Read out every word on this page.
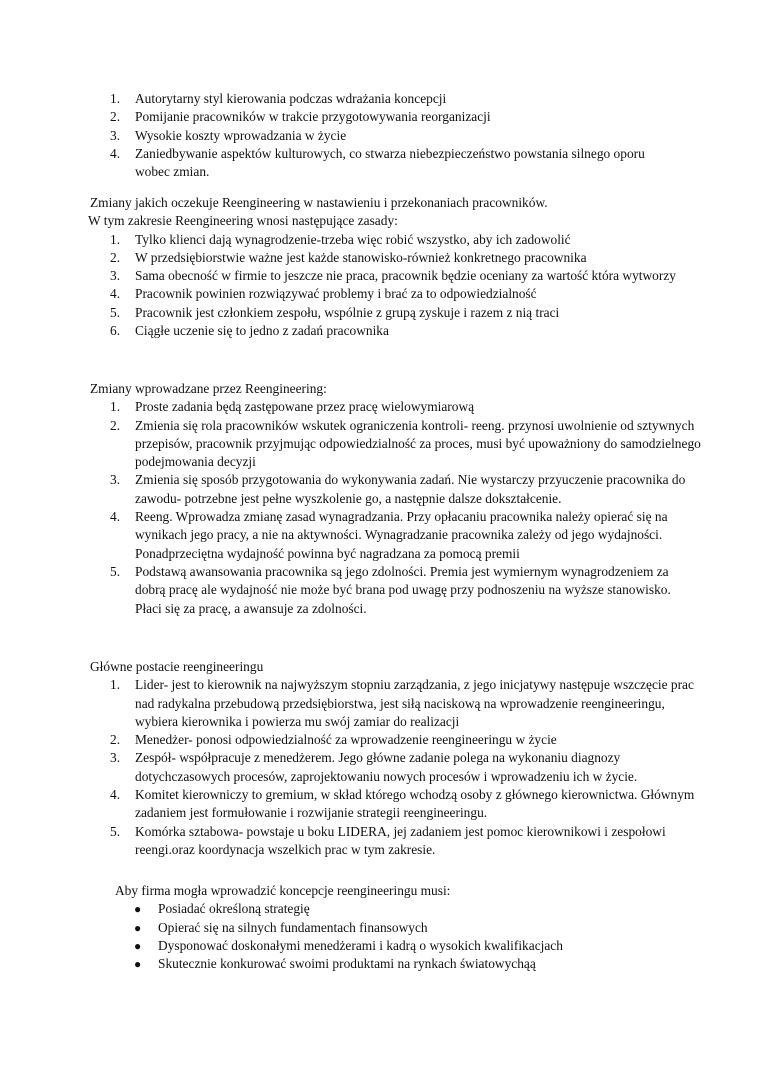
1. Autorytarny styl kierowania podczas wdrażania koncepcji
2. Pomijanie pracowników w trakcie przygotowywania reorganizacji
3. Wysokie koszty wprowadzania w życie
4. Zaniedbywanie aspektów kulturowych, co stwarza niebezpieczeństwo powstania silnego oporu wobec zmian.

Zmiany jakich oczekuje Reengineering w nastawieniu i przekonaniach pracowników.

W tym zakresie Reengineering wnosi następujące zasady:

1. Tylko klienci dają wynagrodzenie-trzeba więc robić wszystko, aby ich zadowolić
2. W przedsiębiorstwie ważne jest każde stanowisko-również konkretnego pracownika
3. Sama obecność w firmie to jeszcze nie praca, pracownik będzie oceniany za wartość która wytworzy
4. Pracownik powinien rozwiązywać problemy i brać za to odpowiedzialność
5. Pracownik jest członkiem zespołu, wspólnie z grupą zyskuje i razem z nią traci
6. Ciągłe uczenie się to jedno z zadań pracownika

Zmiany wprowadzane przez Reengineering:

1. Proste zadania będą zastępowane przez pracę wielowymiarową
2. Zmienia się rola pracowników wskutek ograniczenia kontroli- reeng. przynosi uwolnienie od sztywnych przepisów, pracownik przyjmując odpowiedzialność za proces, musi być upoważniony do samodzielnego podejmowania decyzji
3. Zmienia się sposób przygotowania do wykonywania zadań. Nie wystarczy przyuczenie pracownika do zawodu- potrzebne jest pełne wyszkolenie go, a następnie dalsze dokształcenie.
4. Reeng. Wprowadza zmianę zasad wynagradzania. Przy opłacaniu pracownika należy opierać się na wynikach jego pracy, a nie na aktywności. Wynagradzanie pracownika zależy od jego wydajności. Ponadprzeciętna wydajność powinna być nagradzana za pomocą premii
5. Podstawą awansowania pracownika są jego zdolności. Premia jest wymiernym wynagrodzeniem za dobrą pracę ale wydajność nie może być brana pod uwagę przy podnoszeniu na wyższe stanowisko. Płaci się za pracę, a awansuje za zdolności.

Główne postacie reengineeringu

1. Lider- jest to kierownik na najwyższym stopniu zarządzania, z jego inicjatywy następuje wszczęcie prac nad radykalna przebudową przedsiębiorstwa, jest siłą naciskową na wprowadzenie reengineeringu, wybiera kierownika i powierza mu swój zamiar do realizacji
2. Menedżer- ponosi odpowiedzialność za wprowadzenie reengineeringu w życie
3. Zespół- współpracuje z menedżerem. Jego główne zadanie polega na wykonaniu diagnozy dotychczasowych procesów, zaprojektowaniu nowych procesów i wprowadzeniu ich w życie.
4. Komitet kierowniczy to gremium, w skład którego wchodzą osoby z głównego kierownictwa. Głównym zadaniem jest formułowanie i rozwijanie strategii reengineeringu.
5. Komórka sztabowa- powstaje u boku LIDERA, jej zadaniem jest pomoc kierownikowi i zespołowi reengi.oraz koordynacja wszelkich prac w tym zakresie.

Aby firma mogła wprowadzić koncepcje reengineeringu musi:

● Posiadać określoną strategię
● Opierać się na silnych fundamentach finansowych
● Dysponować doskonałymi menedżerami i kadrą o wysokich kwalifikacjach
● Skutecznie konkurować swoimi produktami na rynkach światowychąą
